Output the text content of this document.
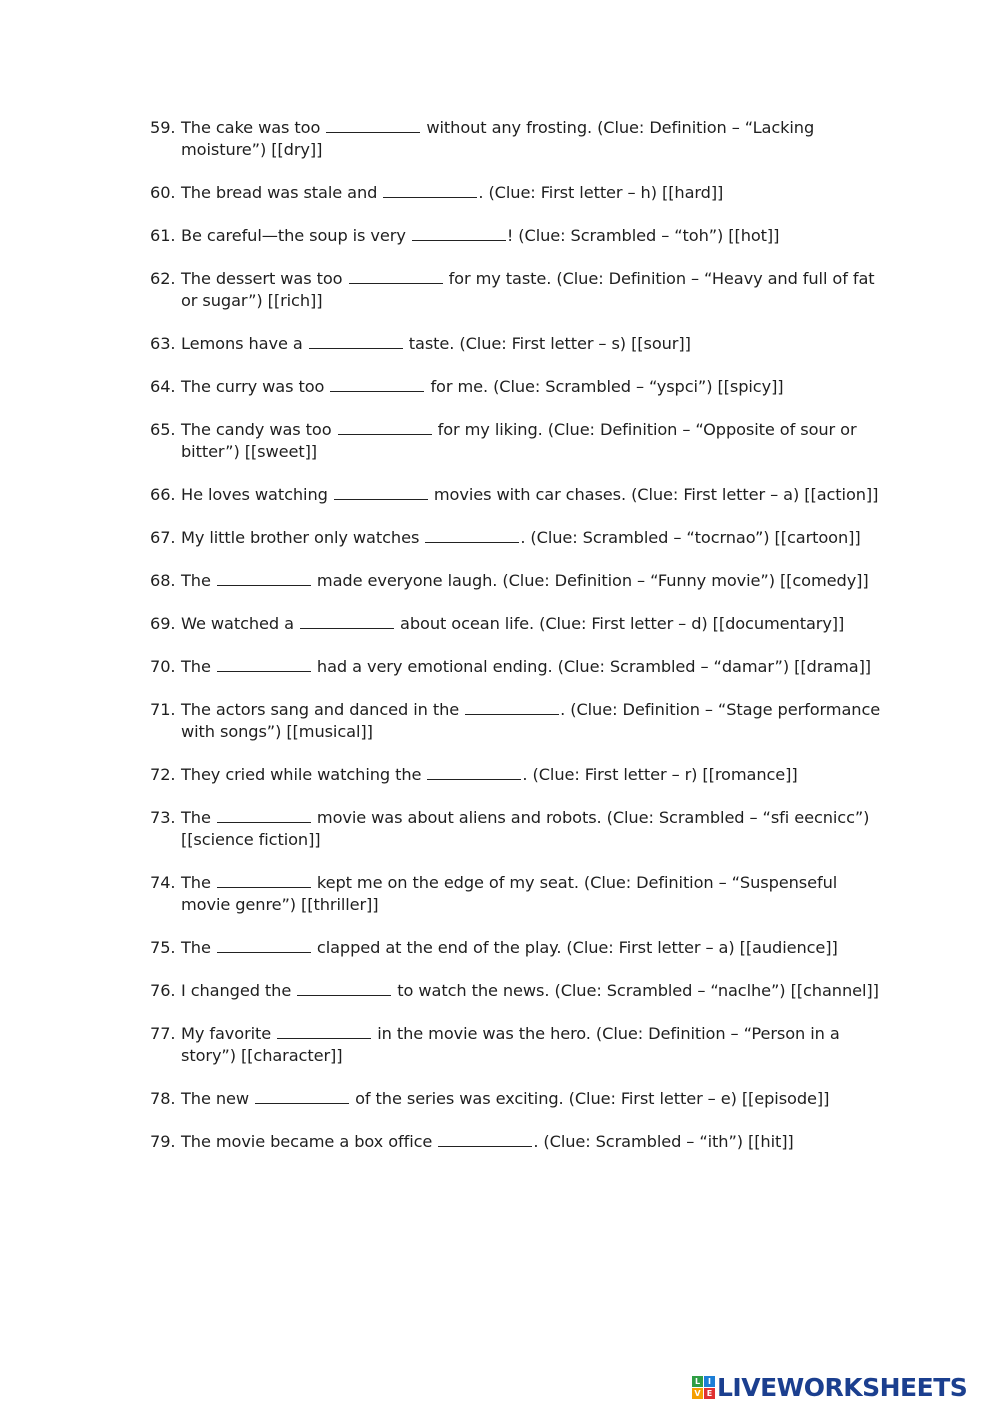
59. The cake was too	without any frosting. (Clue: Definition – “Lacking moisture”) [[dry]]
60. The bread was stale and	. (Clue: First letter – h) [[hard]]
61. Be careful—the soup is very	! (Clue: Scrambled – “toh”) [[hot]]
62. The dessert was too	for my taste. (Clue: Definition – “Heavy and full of fat or sugar”) [[rich]]
63. Lemons have a	taste. (Clue: First letter – s) [[sour]]
64. The curry was too	for me. (Clue: Scrambled – “yspci”) [[spicy]]
65. The candy was too	for my liking. (Clue: Definition – “Opposite of sour or bitter”) [[sweet]]
66. He loves watching	movies with car chases. (Clue: First letter – a) [[action]]
67. My little brother only watches	. (Clue: Scrambled – “tocrnao”) [[cartoon]]
68. The	made everyone laugh. (Clue: Definition – “Funny movie”) [[comedy]]
69. We watched a	about ocean life. (Clue: First letter – d) [[documentary]]
70. The	had a very emotional ending. (Clue: Scrambled – “damar”) [[drama]]
71. The actors sang and danced in the	. (Clue: Definition – “Stage performance with songs”) [[musical]]
72. They cried while watching the	. (Clue: First letter – r) [[romance]]
73. The	movie was about aliens and robots. (Clue: Scrambled – “sfi eecnicc”) [[science fiction]]
74. The	kept me on the edge of my seat. (Clue: Definition – “Suspenseful movie genre”) [[thriller]]
75. The	clapped at the end of the play. (Clue: First letter – a) [[audience]]
76. I changed the	to watch the news. (Clue: Scrambled – “naclhe”) [[channel]]
77. My favorite	in the movie was the hero. (Clue: Definition – “Person in a story”) [[character]]
78. The new	of the series was exciting. (Clue: First letter – e) [[episode]]
79. The movie became a box office	. (Clue: Scrambled – “ith”) [[hit]]
L I
V E LIVEWORKSHEETS
